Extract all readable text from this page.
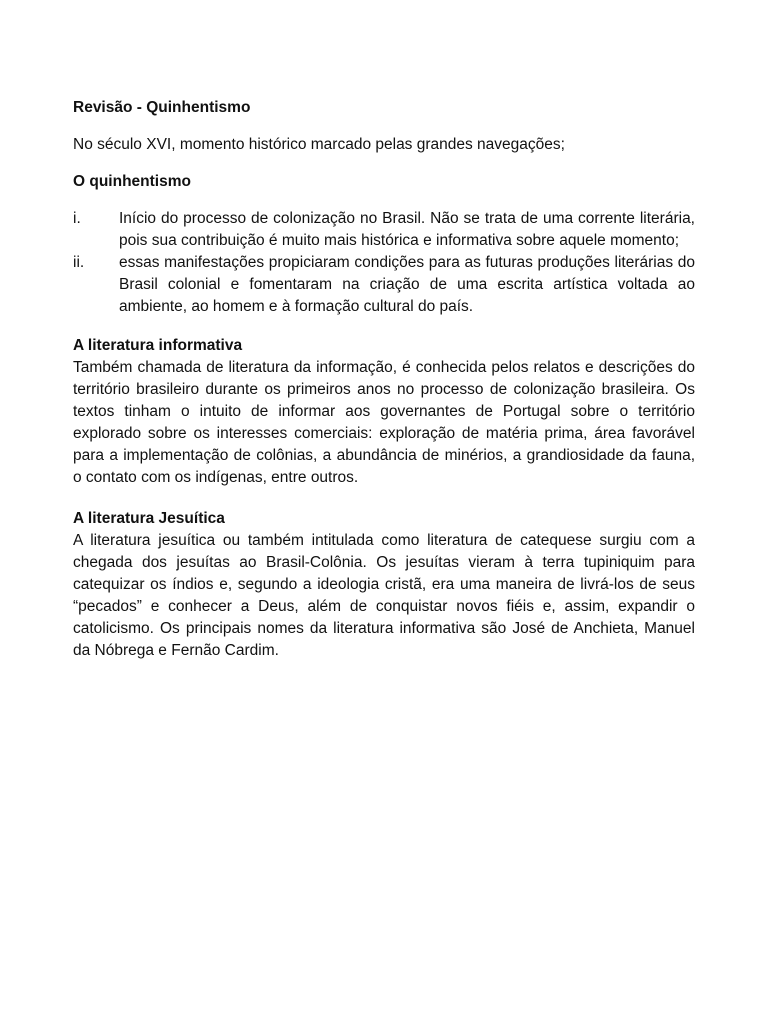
Revisão - Quinhentismo

No século XVI, momento histórico marcado pelas grandes navegações;

O quinhentismo
i.	Início do processo de colonização no Brasil. Não se trata de uma corrente literária, pois sua contribuição é muito mais histórica e informativa sobre aquele momento;
ii.	essas manifestações propiciaram condições para as futuras produções literárias do Brasil colonial e fomentaram na criação de uma escrita artística voltada ao ambiente, ao homem e à formação cultural do país.
A literatura informativa

Também chamada de literatura da informação, é conhecida pelos relatos e descrições do território brasileiro durante os primeiros anos no processo de colonização brasileira. Os textos tinham o intuito de informar aos governantes de Portugal sobre o território explorado sobre os interesses comerciais: exploração de matéria prima, área favorável para a implementação de colônias, a abundância de minérios, a grandiosidade da fauna, o contato com os indígenas, entre outros.

A literatura Jesuítica

A literatura jesuítica ou também intitulada como literatura de catequese surgiu com a chegada dos jesuítas ao Brasil-Colônia. Os jesuítas vieram à terra tupiniquim para catequizar os índios e, segundo a ideologia cristã, era uma maneira de livrá-los de seus “pecados” e conhecer a Deus, além de conquistar novos fiéis e, assim, expandir o catolicismo. Os principais nomes da literatura informativa são José de Anchieta, Manuel da Nóbrega e Fernão Cardim.
